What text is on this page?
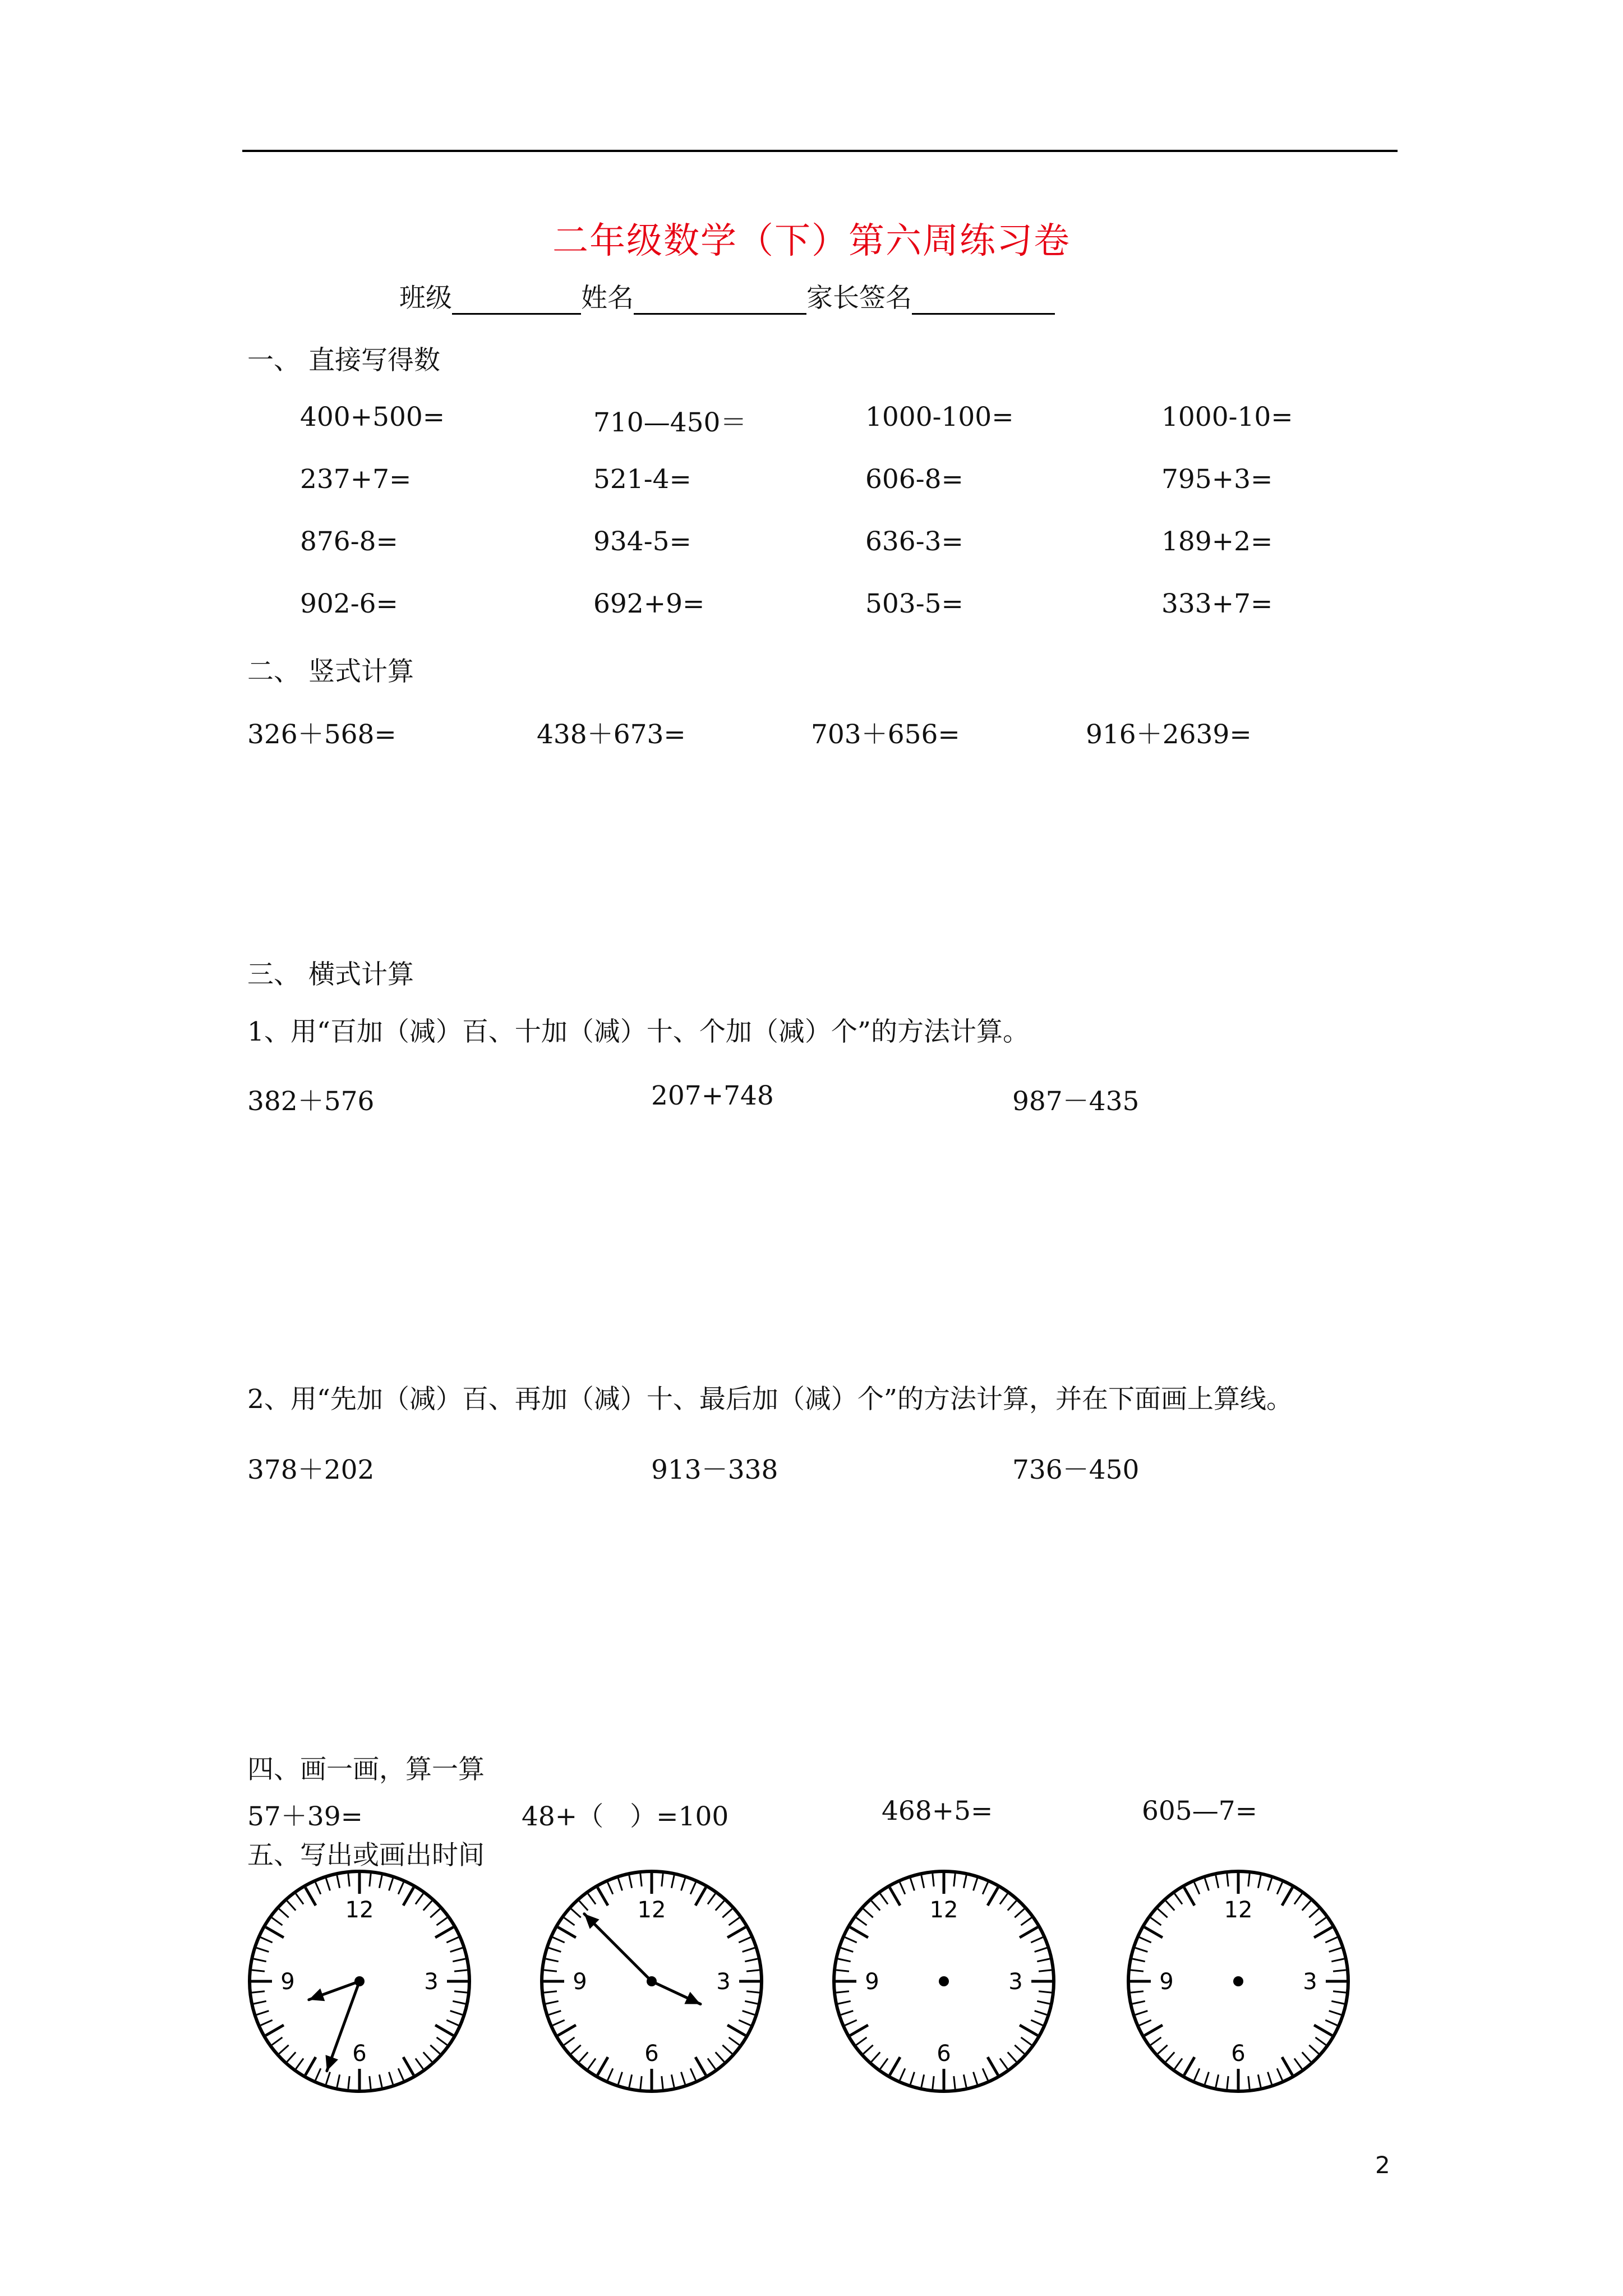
二年级数学（下）第六周练习卷
班级	姓名	家长签名
一、 直接写得数
400+500=	710—450＝	1000-100=	1000-10=
237+7=	521-4=	606-8=	795+3=
876-8=	934-5=	636-3=	189+2=
902-6=	692+9=	503-5=	333+7=
二、 竖式计算
326＋568=	438＋673=	703＋656=	916＋2639=
三、 横式计算
1、用“百加（减）百、十加（减）十、个加（减）个”的方法计算。
382＋576	207+748	987－435
2、用“先加（减）百、再加（减）十、最后加（减）个”的方法计算，并在下面画上算线。
378＋202	913－338	736－450
四、画一画，算一算
57＋39=	48+（　）=100	468+5=	605—7=
五、写出或画出时间
12
3
6
9
12
3
6
9
12
3
6
9
12
3
6
9
2
